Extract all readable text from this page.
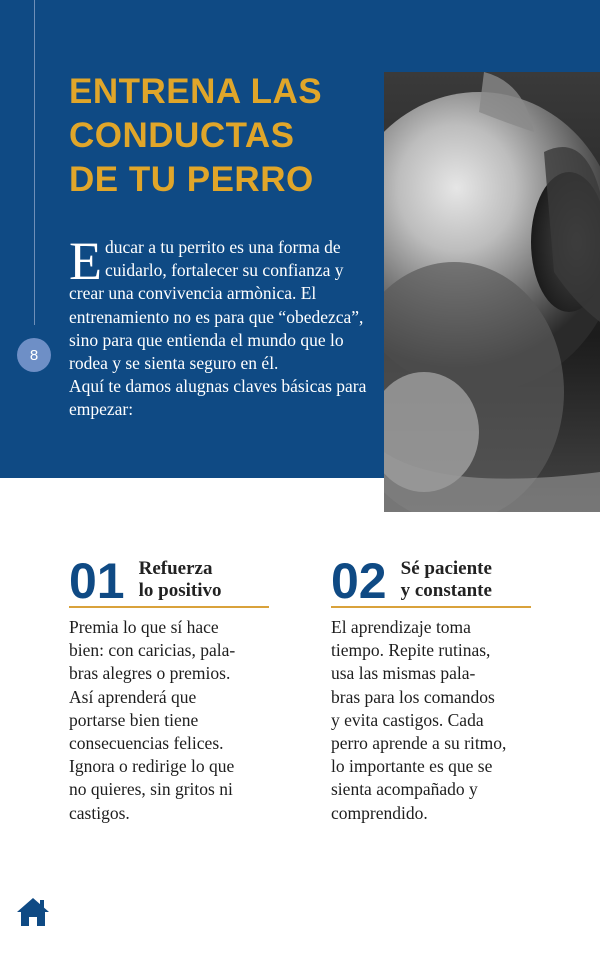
8
ENTRENA LAS
CONDUCTAS
DE TU PERRO
E ducar a tu perrito es una forma de cuidarlo, fortalecer su confianza y crear una convivencia armònica. El entrenamiento no es para que “obedezca”, sino para que entienda el mundo que lo rodea y se sienta seguro en él.

Aquí te damos alugnas claves básicas para empezar:

01 Refuerza
lo positivo
Premia lo que sí hace
bien: con caricias, pala-
bras alegres o premios.
Así aprenderá que
portarse bien tiene
consecuencias felices.
Ignora o redirige lo que
no quieres, sin gritos ni
castigos.
02 Sé paciente
y constante
El aprendizaje toma
tiempo. Repite rutinas,
usa las mismas pala-
bras para los comandos
y evita castigos. Cada
perro aprende a su ritmo,
lo importante es que se
sienta acompañado y
comprendido.
